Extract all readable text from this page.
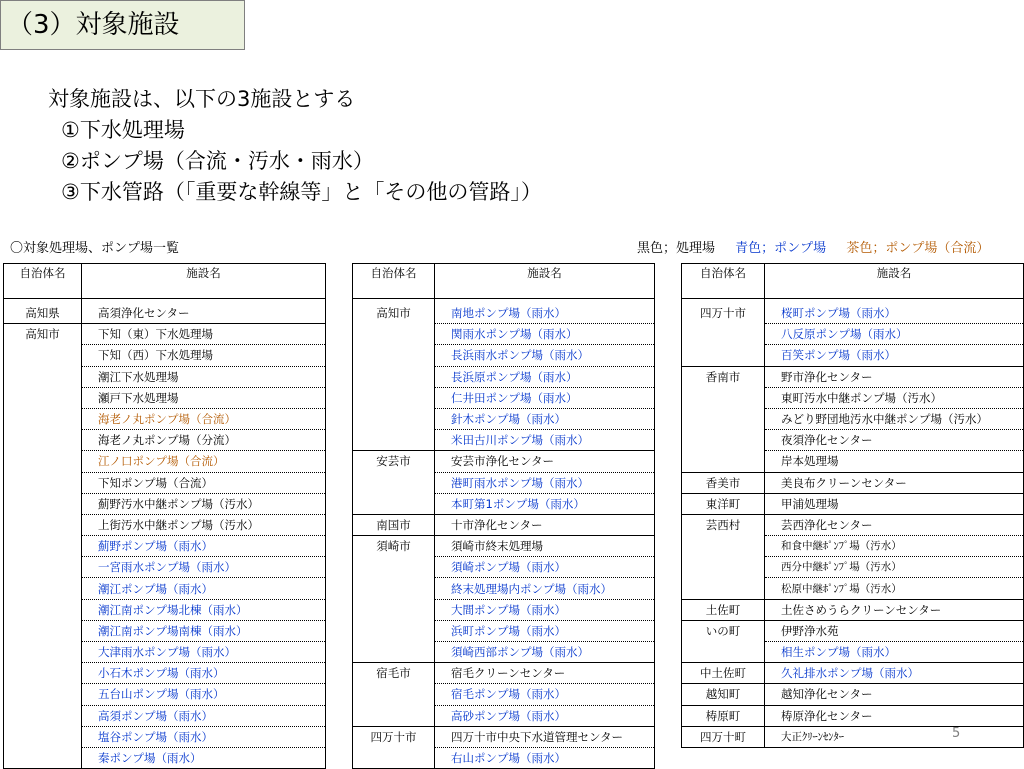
（3）対象施設
対象施設は、以下の3施設とする
①下水処理場
②ポンプ場（合流・汚水・雨水）
③下水管路（「重要な幹線等」と「その他の管路」）
〇対象処理場、ポンプ場一覧	黒色；処理場 青色；ポンプ場 茶色；ポンプ場（合流）
自治体名	施設名

高知県	高須浄化センター
高知市	下知（東）下水処理場
	下知（西）下水処理場
	潮江下水処理場
	瀬戸下水処理場
	海老ノ丸ポンプ場（合流）
	海老ノ丸ポンプ場（分流）
	江ノ口ポンプ場（合流）
	下知ポンプ場（合流）
	薊野汚水中継ポンプ場（汚水）
	上街汚水中継ポンプ場（汚水）
	薊野ポンプ場（雨水）
	一宮雨水ポンプ場（雨水）
	潮江ポンプ場（雨水）
	潮江南ポンプ場北棟（雨水）
	潮江南ポンプ場南棟（雨水）
	大津雨水ポンプ場（雨水）
	小石木ポンプ場（雨水）
	五台山ポンプ場（雨水）
	高須ポンプ場（雨水）
	塩谷ポンプ場（雨水）
	秦ポンプ場（雨水）
自治体名	施設名

高知市	南地ポンプ場（雨水）
	関雨水ポンプ場（雨水）
	長浜雨水ポンプ場（雨水）
	長浜原ポンプ場（雨水）
	仁井田ポンプ場（雨水）
	針木ポンプ場（雨水）
	米田古川ポンプ場（雨水）
安芸市	安芸市浄化センター
	港町雨水ポンプ場（雨水）
	本町第1ポンプ場（雨水）
南国市	十市浄化センター
須崎市	須崎市終末処理場
	須崎ポンプ場（雨水）
	終末処理場内ポンプ場（雨水）
	大間ポンプ場（雨水）
	浜町ポンプ場（雨水）
	須崎西部ポンプ場（雨水）
宿毛市	宿毛クリーンセンター
	宿毛ポンプ場（雨水）
	高砂ポンプ場（雨水）
四万十市	四万十市中央下水道管理センター
	右山ポンプ場（雨水）
自治体名	施設名

四万十市	桜町ポンプ場（雨水）
	八反原ポンプ場（雨水）
	百笑ポンプ場（雨水）
香南市	野市浄化センター
	東町汚水中継ポンプ場（汚水）
	みどり野団地汚水中継ポンプ場（汚水）
	夜須浄化センター
	岸本処理場
香美市	美良布クリーンセンター
東洋町	甲浦処理場
芸西村	芸西浄化センター
	和食中継ﾎﾟﾝﾌﾟ場（汚水）
	西分中継ﾎﾟﾝﾌﾟ場（汚水）
	松原中継ﾎﾟﾝﾌﾟ場（汚水）
土佐町	土佐さめうらクリーンセンター
いの町	伊野浄水苑
	相生ポンプ場（雨水）
中土佐町	久礼排水ポンプ場（雨水）
越知町	越知浄化センター
梼原町	梼原浄化センター
四万十町	大正ｸﾘｰﾝｾﾝﾀｰ	5
